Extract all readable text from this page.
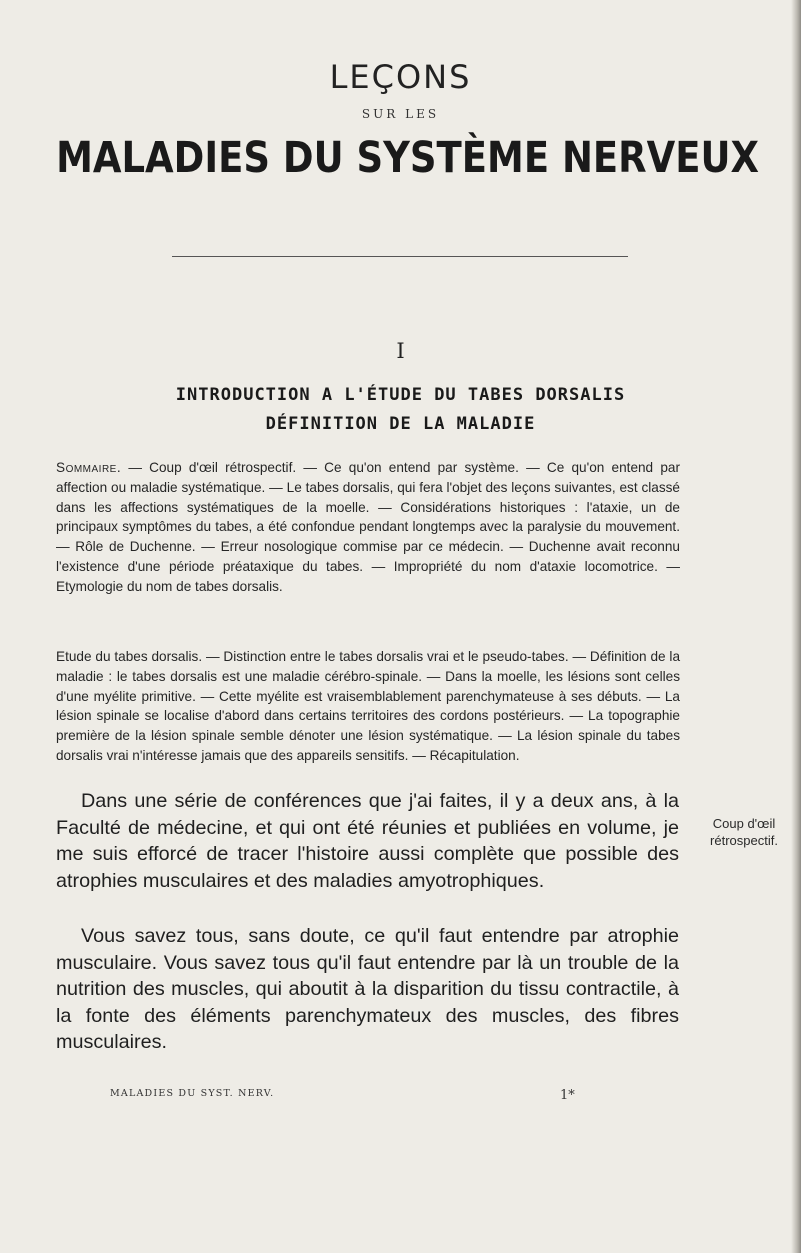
LEÇONS
SUR LES
MALADIES DU SYSTÈME NERVEUX
I
INTRODUCTION A L'ÉTUDE DU TABES DORSALIS
DÉFINITION DE LA MALADIE

Sommaire. — Coup d'œil rétrospectif. — Ce qu'on entend par système. — Ce qu'on entend par affection ou maladie systématique. — Le tabes dorsalis, qui fera l'objet des leçons suivantes, est classé dans les affections systématiques de la moelle. — Considérations historiques : l'ataxie, un de principaux symptômes du tabes, a été confondue pendant longtemps avec la paralysie du mouvement. — Rôle de Duchenne. — Erreur nosologique commise par ce médecin. — Duchenne avait reconnu l'existence d'une période préataxique du tabes. — Impropriété du nom d'ataxie locomotrice. — Etymologie du nom de tabes dorsalis.

Etude du tabes dorsalis. — Distinction entre le tabes dorsalis vrai et le pseudo-tabes. — Définition de la maladie : le tabes dorsalis est une maladie cérébro-spinale. — Dans la moelle, les lésions sont celles d'une myélite primitive. — Cette myélite est vraisemblablement parenchymateuse à ses débuts. — La lésion spinale se localise d'abord dans certains territoires des cordons postérieurs. — La topographie première de la lésion spinale semble dénoter une lésion systématique. — La lésion spinale du tabes dorsalis vrai n'intéresse jamais que des appareils sensitifs. — Récapitulation.

Dans une série de conférences que j'ai faites, il y a deux ans, à la Faculté de médecine, et qui ont été réunies et publiées en volume, je me suis efforcé de tracer l'histoire aussi complète que possible des atrophies musculaires et des maladies amyotrophiques.

Vous savez tous, sans doute, ce qu'il faut entendre par atrophie musculaire. Vous savez tous qu'il faut entendre par là un trouble de la nutrition des muscles, qui aboutit à la disparition du tissu contractile, à la fonte des éléments parenchymateux des muscles, des fibres musculaires.

Coup d'œil
rétrospectif.
MALADIES DU SYST. NERV.	1*
